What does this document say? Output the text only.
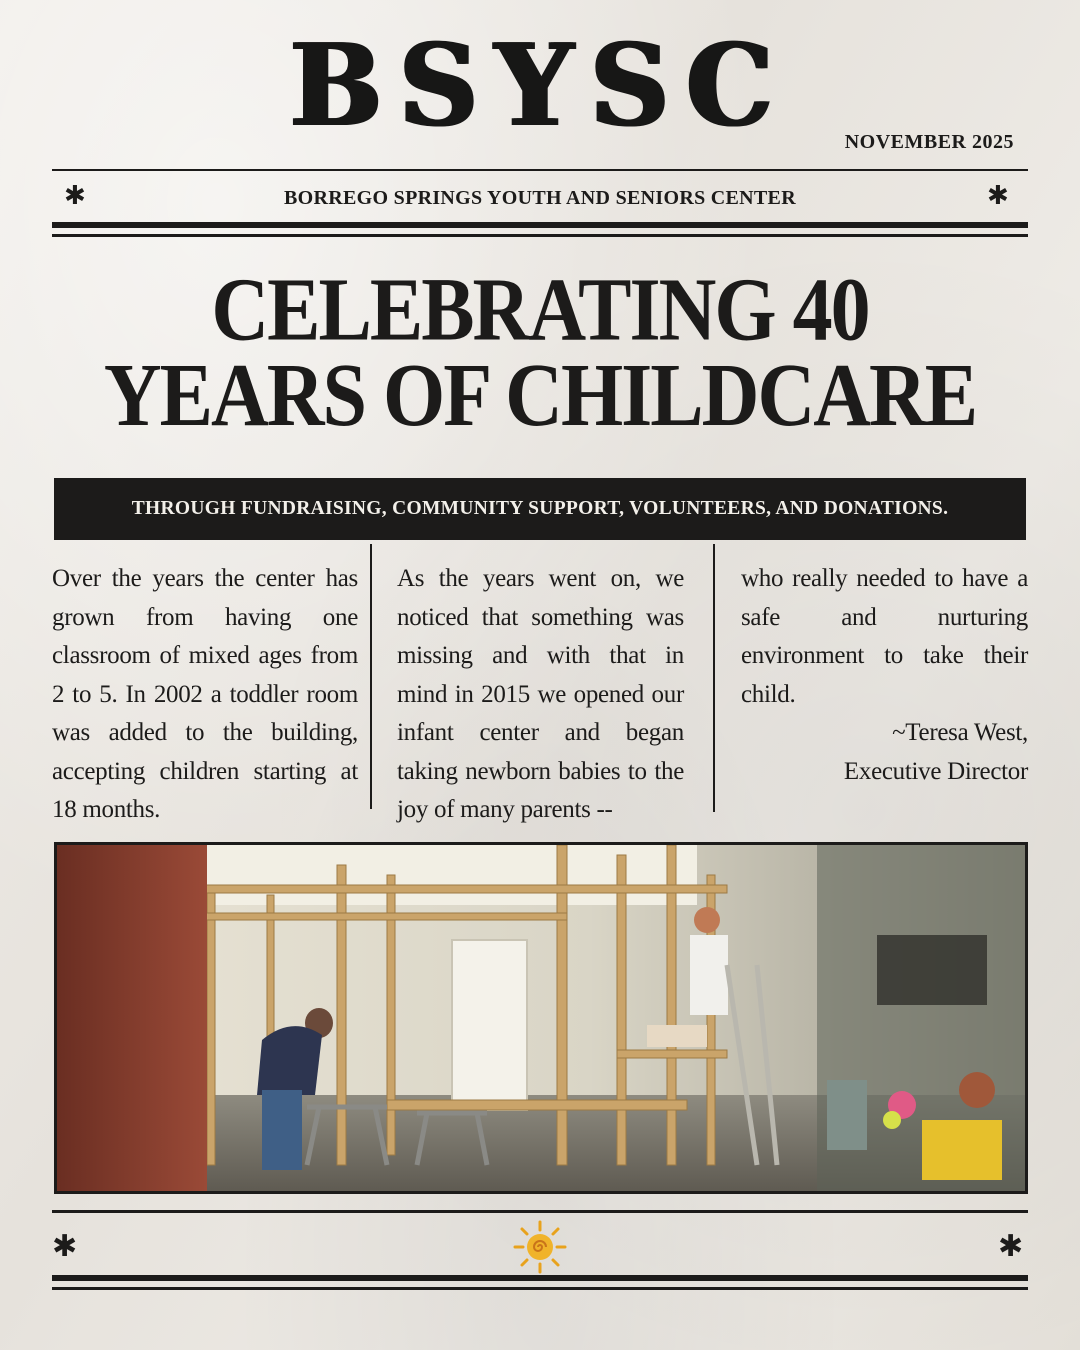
BSYSC	NOVEMBER 2025
✱	BORREGO SPRINGS YOUTH AND SENIORS CENTER	✱
CELEBRATING 40
YEARS OF CHILDCARE
THROUGH FUNDRAISING, COMMUNITY SUPPORT, VOLUNTEERS, AND DONATIONS.

Over the years the center has grown from having one classroom of mixed ages from 2 to 5. In 2002 a toddler room was added to the building, accepting children starting at 18 months.

As the years went on, we noticed that something was missing and with that in mind in 2015 we opened our infant center and began taking newborn babies to the joy of many parents --

who really needed to have a safe and nurturing environment to take their child.

~Teresa West,

Executive Director

✱	✱
